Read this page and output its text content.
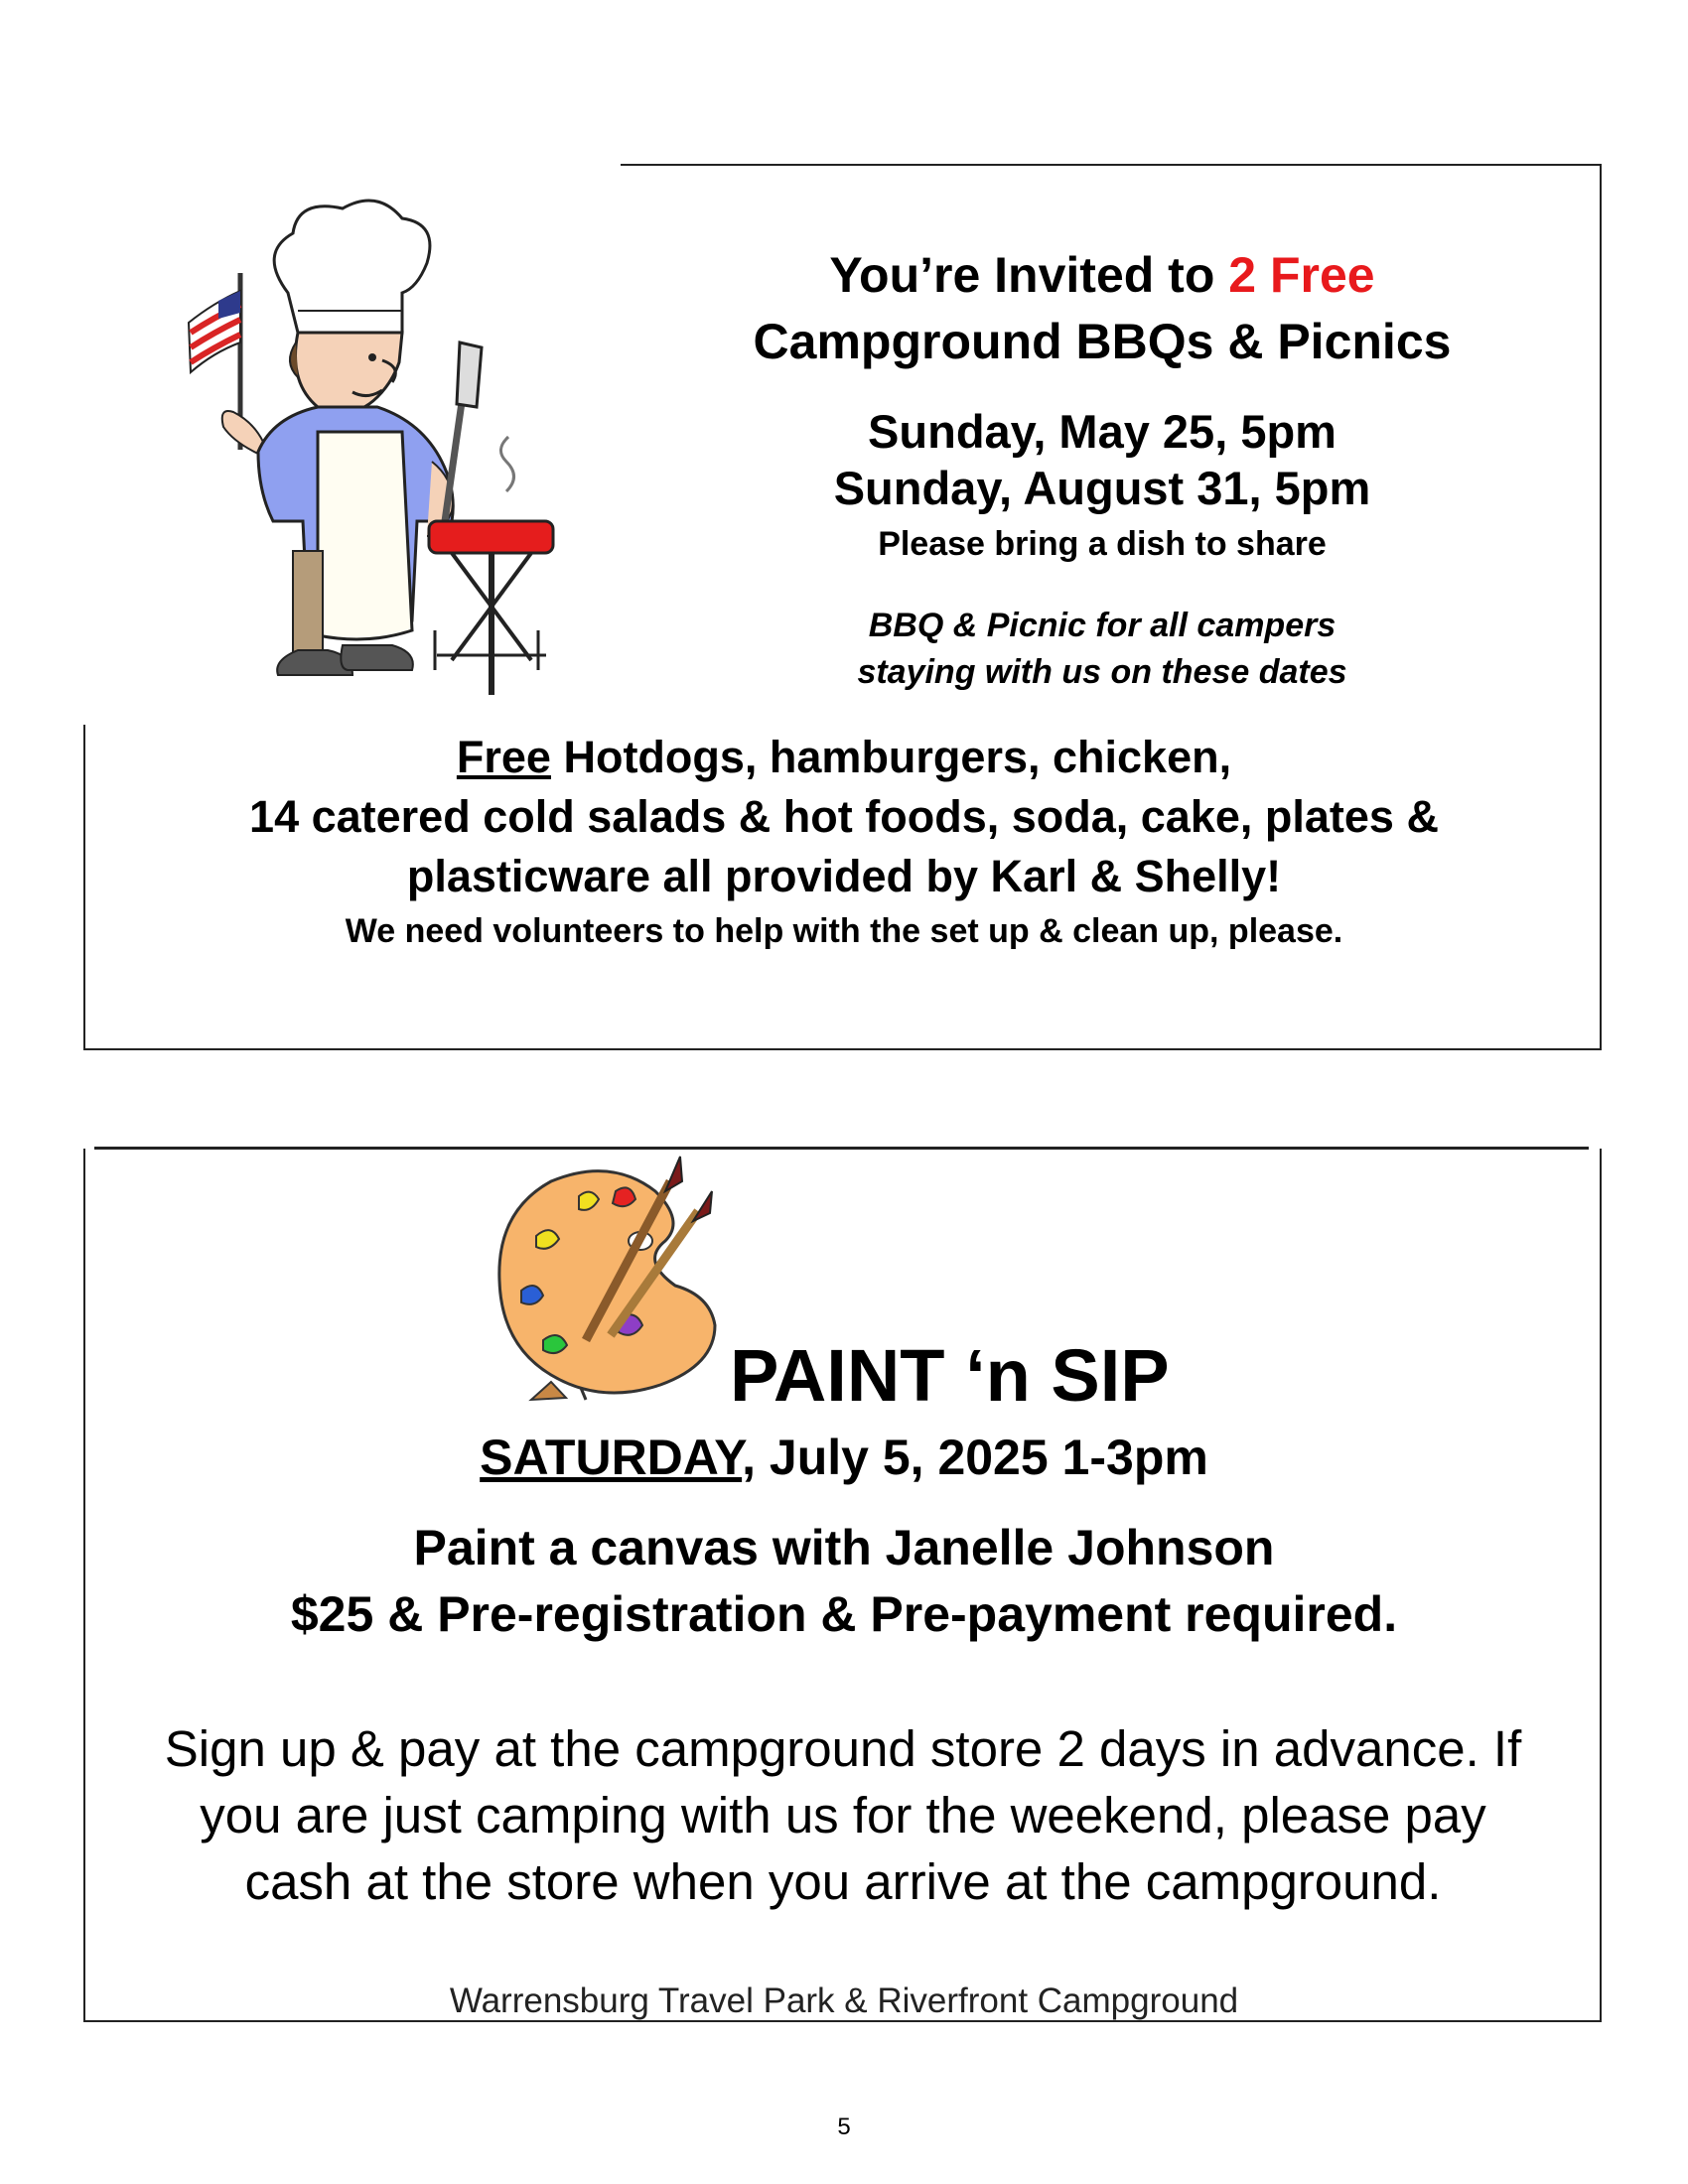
You’re Invited to 2 Free
Campground BBQs & Picnics
Sunday, May 25, 5pm
Sunday, August 31, 5pm
Please bring a dish to share
BBQ & Picnic for all campers
staying with us on these dates
Free Hotdogs, hamburgers, chicken,
14 catered cold salads & hot foods, soda, cake, plates &
plasticware all provided by Karl & Shelly!
We need volunteers to help with the set up & clean up, please.
PAINT ‘n SIP
SATURDAY, July 5, 2025 1-3pm
Paint a canvas with Janelle Johnson
$25 & Pre-registration & Pre-payment required.
Sign up & pay at the campground store 2 days in advance. If
you are just camping with us for the weekend, please pay
cash at the store when you arrive at the campground.
Warrensburg Travel Park & Riverfront Campground
5
